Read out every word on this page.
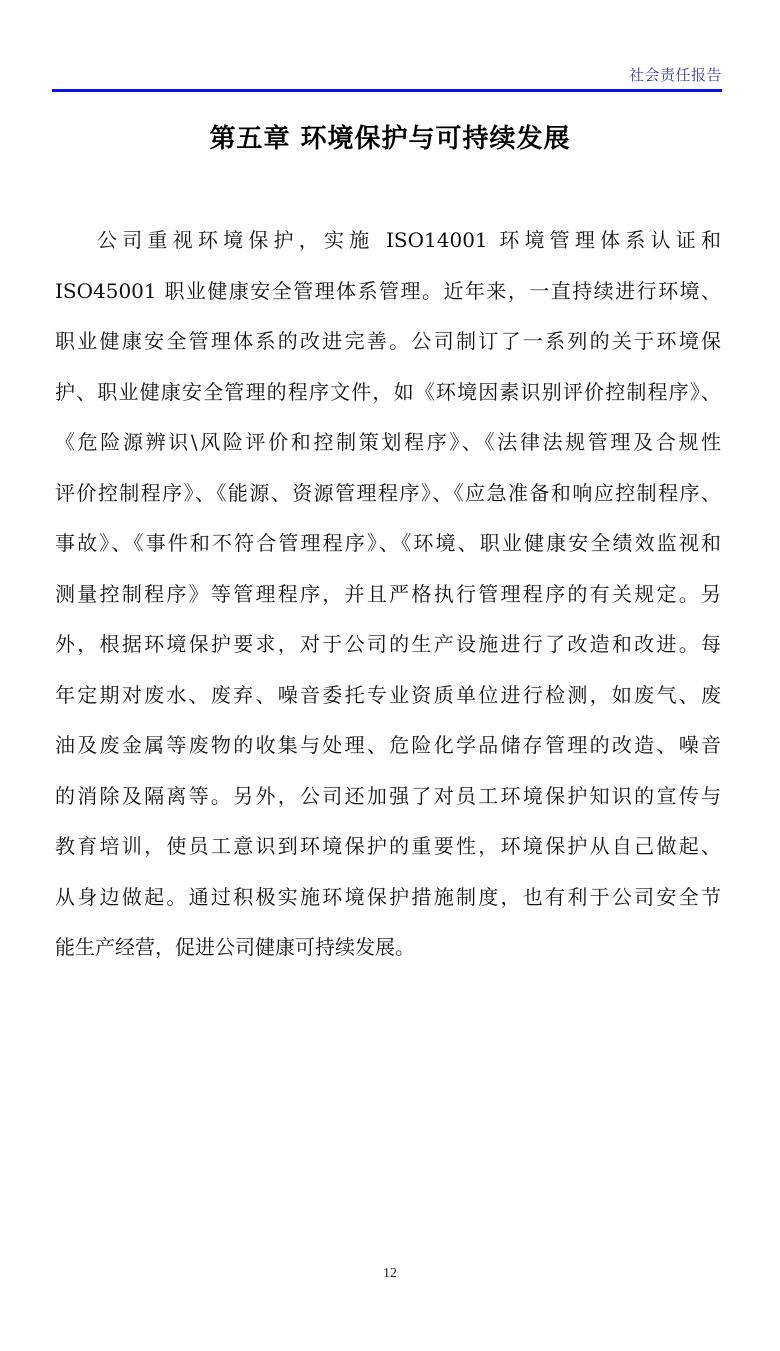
社会责任报告
第五章 环境保护与可持续发展
公司重视环境保护，实施 ISO14001 环境管理体系认证和
ISO45001 职业健康安全管理体系管理。近年来，一直持续进行环境、
职业健康安全管理体系的改进完善。公司制订了一系列的关于环境保
护、职业健康安全管理的程序文件，如《环境因素识别评价控制程序》、
《危险源辨识\风险评价和控制策划程序》、《法律法规管理及合规性
评价控制程序》、《能源、资源管理程序》、《应急准备和响应控制程序、
事故》、《事件和不符合管理程序》、《环境、职业健康安全绩效监视和
测量控制程序》等管理程序，并且严格执行管理程序的有关规定。另
外，根据环境保护要求，对于公司的生产设施进行了改造和改进。每
年定期对废水、废弃、噪音委托专业资质单位进行检测，如废气、废
油及废金属等废物的收集与处理、危险化学品储存管理的改造、噪音
的消除及隔离等。另外，公司还加强了对员工环境保护知识的宣传与
教育培训，使员工意识到环境保护的重要性，环境保护从自己做起、
从身边做起。通过积极实施环境保护措施制度，也有利于公司安全节
能生产经营，促进公司健康可持续发展。
12
